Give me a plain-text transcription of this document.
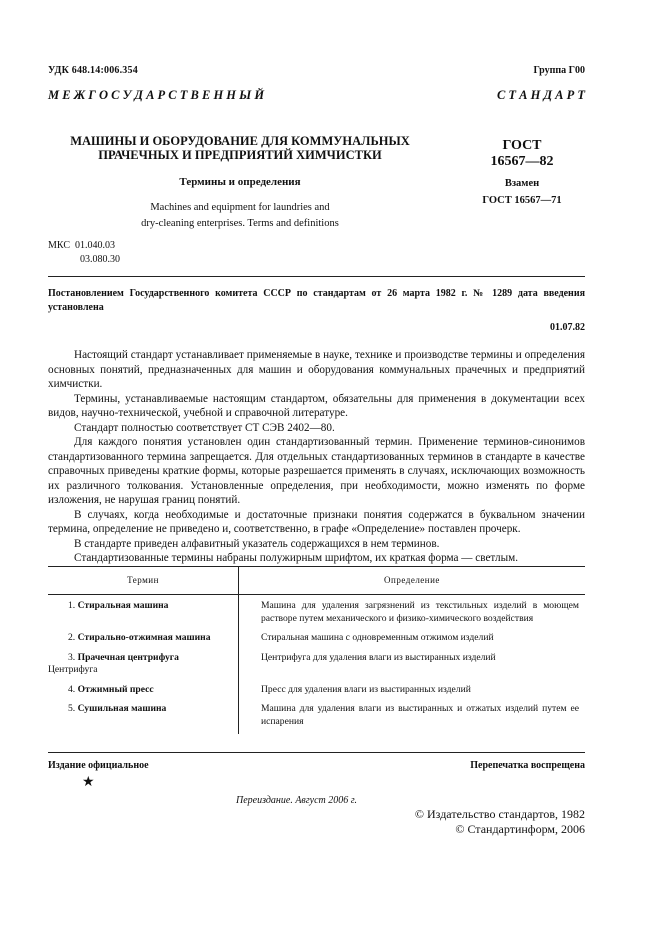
УДК 648.14:006.354	Группа Г00
М Е Ж Г О С У Д А Р С Т В Е Н Н Ы Й	С Т А Н Д А Р Т
МАШИНЫ И ОБОРУДОВАНИЕ ДЛЯ КОММУНАЛЬНЫХ
ПРАЧЕЧНЫХ И ПРЕДПРИЯТИЙ ХИМЧИСТКИ
Термины и определения
Machines and equipment for laundries and
dry-cleaning enterprises. Terms and definitions
ГОСТ
16567—82
Взамен
ГОСТ 16567—71
МКС 01.040.03
03.080.30
Постановлением Государственного комитета СССР по стандартам от 26 марта 1982 г. № 1289 дата введения установлена
01.07.82

Настоящий стандарт устанавливает применяемые в науке, технике и производстве термины и определения основных понятий, предназначенных для машин и оборудования коммунальных прачечных и предприятий химчистки.

Термины, устанавливаемые настоящим стандартом, обязательны для применения в документации всех видов, научно-технической, учебной и справочной литературе.

Стандарт полностью соответствует СТ СЭВ 2402—80.

Для каждого понятия установлен один стандартизованный термин. Применение терминов-синонимов стандартизованного термина запрещается. Для отдельных стандартизованных терминов в стандарте в качестве справочных приведены краткие формы, которые разрешается применять в случаях, исключающих возможность их различного толкования. Установленные определения, при необходимости, можно изменять по форме изложения, не нарушая границ понятий.

В случаях, когда необходимые и достаточные признаки понятия содержатся в буквальном значении термина, определение не приведено и, соответственно, в графе «Определение» поставлен прочерк.

В стандарте приведен алфавитный указатель содержащихся в нем терминов.

Стандартизованные термины набраны полужирным шрифтом, их краткая форма — светлым.

Термин	Определение
1. Стиральная машина	Машина для удаления загрязнений из текстильных изделий в моющем растворе путем механического и физико-химического воздействия
2. Стирально-отжимная машина	Стиральная машина с одновременным отжимом изделий
3. Прачечная центрифуга
Центрифуга	Центрифуга для удаления влаги из выстиранных изделий
4. Отжимный пресс	Пресс для удаления влаги из выстиранных изделий
5. Сушильная машина	Машина для удаления влаги из выстиранных и отжатых изделий путем ее испарения
Издание официальное	Перепечатка воспрещена
★
Переиздание. Август 2006 г.
© Издательство стандартов, 1982
© Стандартинформ, 2006
